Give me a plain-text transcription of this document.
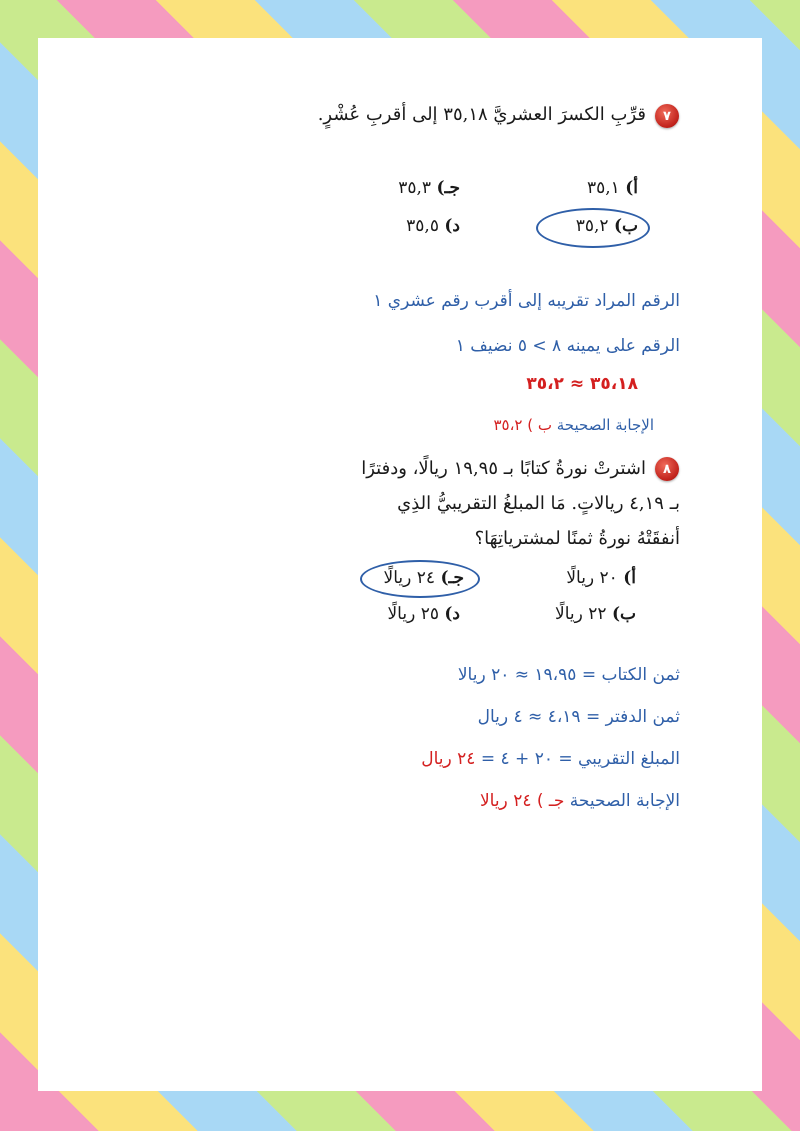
٧
قرِّبِ الكسرَ العشريَّ ٣٥,١٨ إلى أقربِ عُشْرٍ.
أ) ٣٥,١
جـ) ٣٥,٣
ب) ٣٥,٢
د) ٣٥,٥
الرقم المراد تقريبه إلى أقرب رقم عشري ١
الرقم على يمينه ٨ > ٥ نضيف ١
٣٥،١٨ ≈ ٣٥،٢
الإجابة الصحيحة ب ) ٣٥،٢
٨
اشترتْ نورةُ كتابًا بـ ١٩,٩٥ ريالًا، ودفترًا
بـ ٤,١٩ ريالاتٍ. مَا المبلغُ التقريبيُّ الذِي
أنفقَتْهُ نورةُ ثمنًا لمشترياتِهَا؟
أ) ٢٠ ريالًا
جـ) ٢٤ ريالًا
ب) ٢٢ ريالًا
د) ٢٥ ريالًا
ثمن الكتاب = ١٩،٩٥ ≈ ٢٠ ريالا
ثمن الدفتر = ٤،١٩ ≈ ٤ ريال
المبلغ التقريبي = ٢٠ + ٤ = ٢٤ ريال
الإجابة الصحيحة جـ ) ٢٤ ريالا
